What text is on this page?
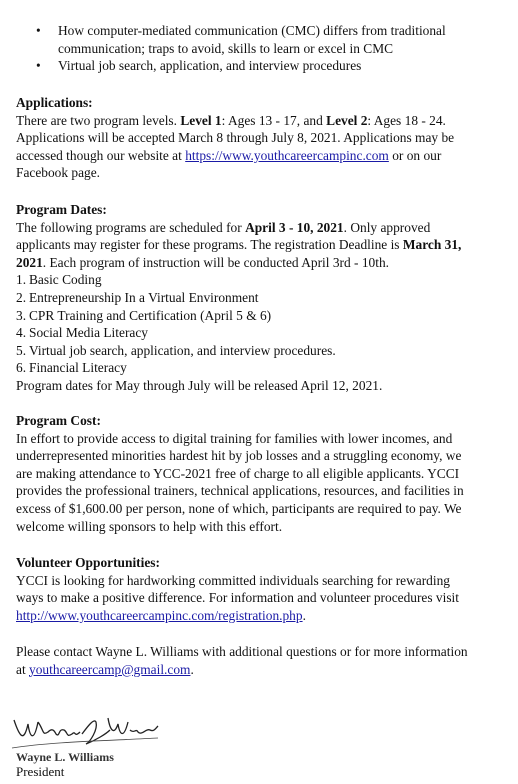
• How computer-mediated communication (CMC) differs from traditional
communication; traps to avoid, skills to learn or excel in CMC
• Virtual job search, application, and interview procedures
Applications:
There are two program levels. Level 1: Ages 13 - 17, and Level 2: Ages 18 - 24.
Applications will be accepted March 8 through July 8, 2021. Applications may be
accessed though our website at https://www.youthcareercampinc.com or on our
Facebook page.
Program Dates:
The following programs are scheduled for April 3 - 10, 2021. Only approved
applicants may register for these programs. The registration Deadline is March 31,
2021. Each program of instruction will be conducted April 3rd - 10th.
1. Basic Coding
2. Entrepreneurship In a Virtual Environment
3. CPR Training and Certification (April 5 & 6)
4. Social Media Literacy
5. Virtual job search, application, and interview procedures.
6. Financial Literacy
Program dates for May through July will be released April 12, 2021.
Program Cost:
In effort to provide access to digital training for families with lower incomes, and
underrepresented minorities hardest hit by job losses and a struggling economy, we
are making attendance to YCC-2021 free of charge to all eligible applicants. YCCI
provides the professional trainers, technical applications, resources, and facilities in
excess of $1,600.00 per person, none of which, participants are required to pay. We
welcome willing sponsors to help with this effort.
Volunteer Opportunities:
YCCI is looking for hardworking committed individuals searching for rewarding
ways to make a positive difference. For information and volunteer procedures visit
http://www.youthcareercampinc.com/registration.php.
Please contact Wayne L. Williams with additional questions or for more information
at youthcareercamp@gmail.com.
Wayne L. Williams
President
